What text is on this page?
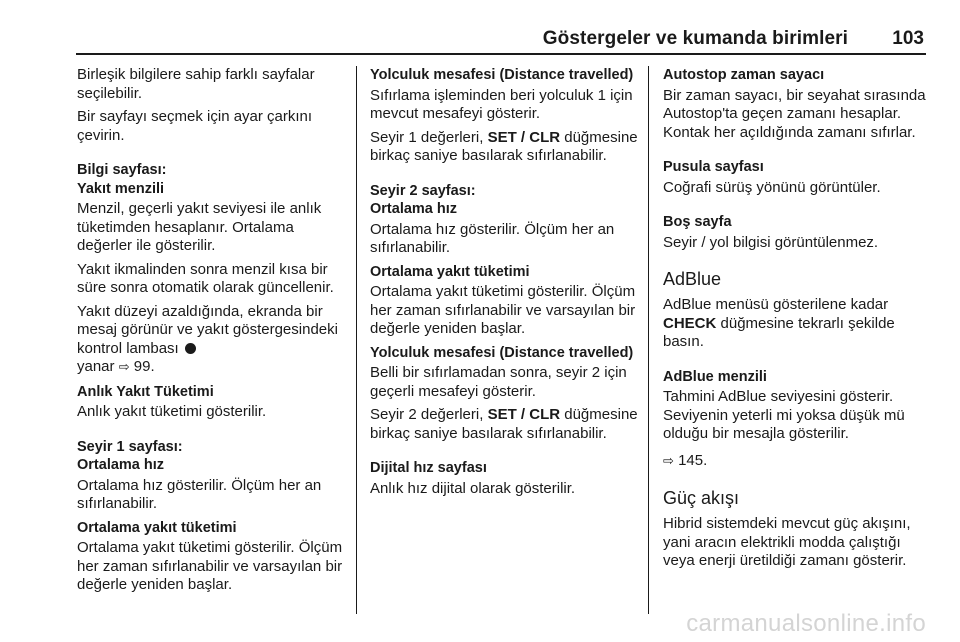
Göstergeler ve kumanda birimleri 103

Birleşik bilgilere sahip farklı sayfalar seçilebilir.

Bir sayfayı seçmek için ayar çarkını çevirin.

Bilgi sayfası:
Yakıt menzili

Menzil, geçerli yakıt seviyesi ile anlık tüketimden hesaplanır. Ortalama değerler ile gösterilir.

Yakıt ikmalinden sonra menzil kısa bir süre sonra otomatik olarak güncellenir.

Yakıt düzeyi azaldığında, ekranda bir mesaj görünür ve yakıt göstergesindeki kontrol lambası
yanar ⇨ 99.

Anlık Yakıt Tüketimi

Anlık yakıt tüketimi gösterilir.

Seyir 1 sayfası:
Ortalama hız

Ortalama hız gösterilir. Ölçüm her an sıfırlanabilir.

Ortalama yakıt tüketimi

Ortalama yakıt tüketimi gösterilir. Ölçüm her zaman sıfırlanabilir ve varsayılan bir değerle yeniden başlar.

Yolculuk mesafesi (Distance travelled)

Sıfırlama işleminden beri yolculuk 1 için mevcut mesafeyi gösterir.

Seyir 1 değerleri, SET / CLR düğmesine birkaç saniye basılarak sıfırlanabilir.

Seyir 2 sayfası:
Ortalama hız

Ortalama hız gösterilir. Ölçüm her an sıfırlanabilir.

Ortalama yakıt tüketimi

Ortalama yakıt tüketimi gösterilir. Ölçüm her zaman sıfırlanabilir ve varsayılan bir değerle yeniden başlar.

Yolculuk mesafesi (Distance travelled)

Belli bir sıfırlamadan sonra, seyir 2 için geçerli mesafeyi gösterir.

Seyir 2 değerleri, SET / CLR düğmesine birkaç saniye basılarak sıfırlanabilir.

Dijital hız sayfası

Anlık hız dijital olarak gösterilir.

Autostop zaman sayacı

Bir zaman sayacı, bir seyahat sırasında Autostop'ta geçen zamanı hesaplar. Kontak her açıldığında zamanı sıfırlar.

Pusula sayfası

Coğrafi sürüş yönünü görüntüler.

Boş sayfa

Seyir / yol bilgisi görüntülenmez.

AdBlue

AdBlue menüsü gösterilene kadar CHECK düğmesine tekrarlı şekilde basın.

AdBlue menzili

Tahmini AdBlue seviyesini gösterir. Seviyenin yeterli mi yoksa düşük mü olduğu bir mesajla gösterilir.

⇨ 145.

Güç akışı

Hibrid sistemdeki mevcut güç akışını, yani aracın elektrikli modda çalıştığı veya enerji üretildiği zamanı gösterir.

carmanualsonline.info
